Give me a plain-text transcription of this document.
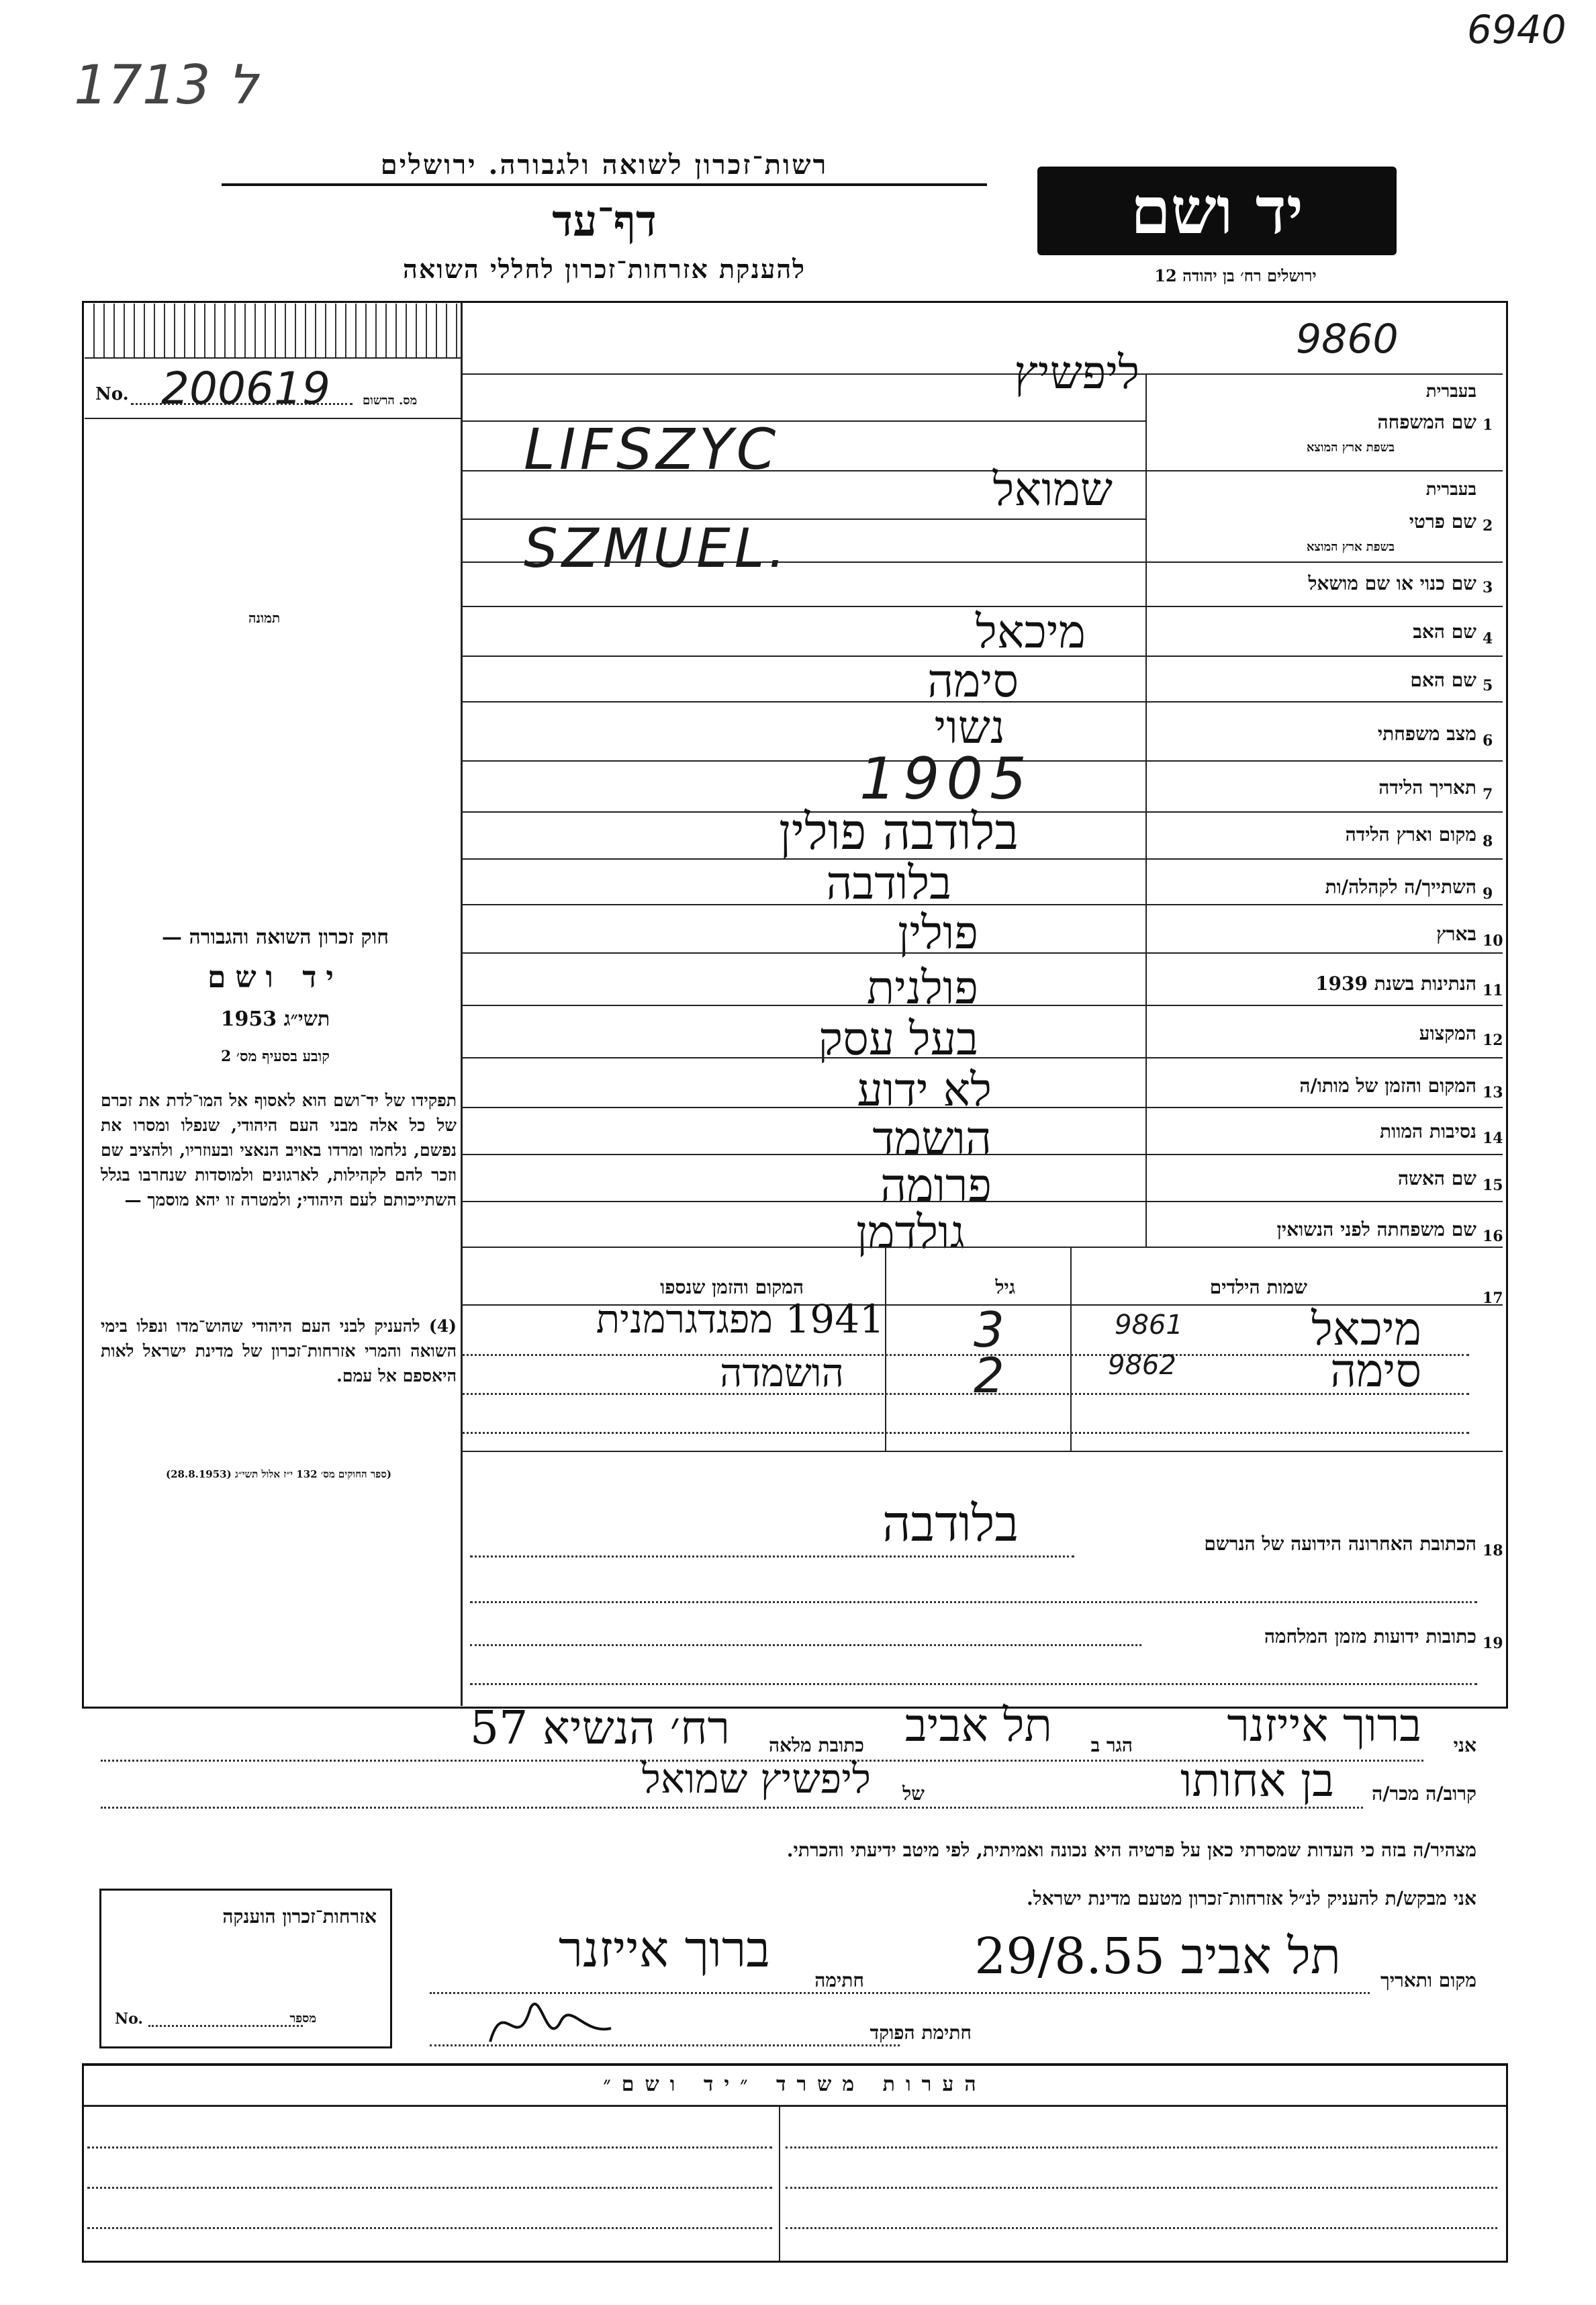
6940
ל 1713
רשות־זכרון לשואה ולגבורה. ירושלים
דף־עד
להענקת אזרחות־זכרון לחללי השואה
יד ושם
ירושלים רח׳ בן יהודה 12
No. 200619	מס. הרשום
תמונה
חוק זכרון השואה והגבורה —
יד ושם
תשי״ג 1953
קובע בסעיף מס׳ 2
תפקידו של יד־ושם הוא לאסוף אל המו־לדת את זכרם של כל אלה מבני העם היהודי, שנפלו ומסרו את נפשם, נלחמו ומרדו באויב הנאצי ובעוזריו, ולהציב שם וזכר להם לקהילות, לארגונים ולמוסדות שנחרבו בגלל השתייכותם לעם היהודי; ולמטרה זו יהא מוסמך —
(4) להעניק לבני העם היהודי שהוש־מדו ונפלו בימי השואה והמרי אזרחות־זכרון של מדינת ישראל לאות היאספם אל עמם.
(ספר החוקים מס׳ 132 י״ז אלול תשי״ג (28.8.1953)
9860
בעברית
1
שם המשפחה
בשפת ארץ המוצא
ליפשיץ
LIFSZYC
בעברית
2
שם פרטי
בשפת ארץ המוצא
שמואל
SZMUEL.
3
שם כנוי או שם מושאל
4
שם האב
מיכאל
5
שם האם
סימה
6
מצב משפחתי
נשוי
7
תאריך הלידה
1905
8
מקום וארץ הלידה
בלודבה פולין
9
השתייך/ה לקהלה/ות
בלודבה
10
בארץ
פולין
11
הנתינות בשנת 1939
פולנית
12
המקצוע
בעל עסק
13
המקום והזמן של מותו/ה
לא ידוע
14
נסיבות המוות
הושמד
15
שם האשה
פרומה
16
שם משפחתה לפני הנשואין
גולדמן
17
שמות הילדים
גיל
המקום והזמן שנספו
מיכאל
9861
3
1941 מפגדגרמנית
סימה
9862
2
הושמדה
18
הכתובת האחרונה הידועה של הנרשם
בלודבה
19
כתובות ידועות מזמן המלחמה
אני
ברוך אייזנר
הגר ב
תל אביב
כתובת מלאה
רח׳ הנשיא 57
קרוב/ה מכר/ה
בן אחותו
של
ליפשיץ שמואל
מצהיר/ה בזה כי העדות שמסרתי כאן על פרטיה היא נכונה ואמיתית, לפי מיטב ידיעתי והכרתי.
אני מבקש/ת להעניק לנ״ל אזרחות־זכרון מטעם מדינת ישראל.
מקום ותאריך
תל אביב 29/8.55
חתימה
ברוך אייזנר
חתימת הפוקד
אזרחות־זכרון הוענקה
No.	מספר
הערות משרד ״יד ושם״
